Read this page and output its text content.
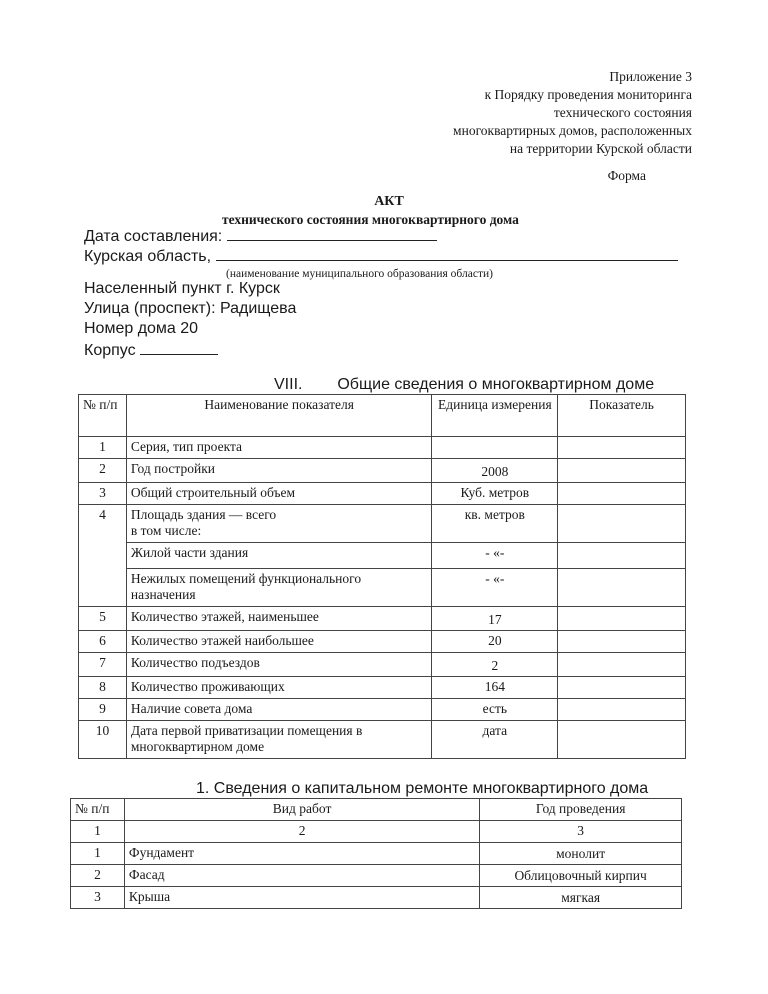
Приложение 3
к Порядку проведения мониторинга
технического состояния
многоквартирных домов, расположенных
на территории Курской области
Форма
АКТ
технического состояния многоквартирного дома
Дата составления:
Курская область,
(наименование муниципального образования области)
Населенный пункт г. Курск
Улица (проспект): Радищева
Номер дома 20
Корпус
VIII. Общие сведения о многоквартирном доме
№ п/п	Наименование показателя	Единица измерения	Показатель
1	Серия, тип проекта		
2	Год постройки	2008	
3	Общий строительный объем	Куб. метров	
4	Площадь здания — всего в том числе:	кв. метров	
	Жилой части здания	- «-	
	Нежилых помещений функционального назначения	- «-	
5	Количество этажей, наименьшее	17	
6	Количество этажей наибольшее	20	
7	Количество подъездов	2	
8	Количество проживающих	164	
9	Наличие совета дома	есть	
10	Дата первой приватизации помещения в многоквартирном доме	дата	
1. Сведения о капитальном ремонте многоквартирного дома
№ п/п	Вид работ	Год проведения
1	2	3
1	Фундамент	монолит
2	Фасад	Облицовочный кирпич
3	Крыша	мягкая
